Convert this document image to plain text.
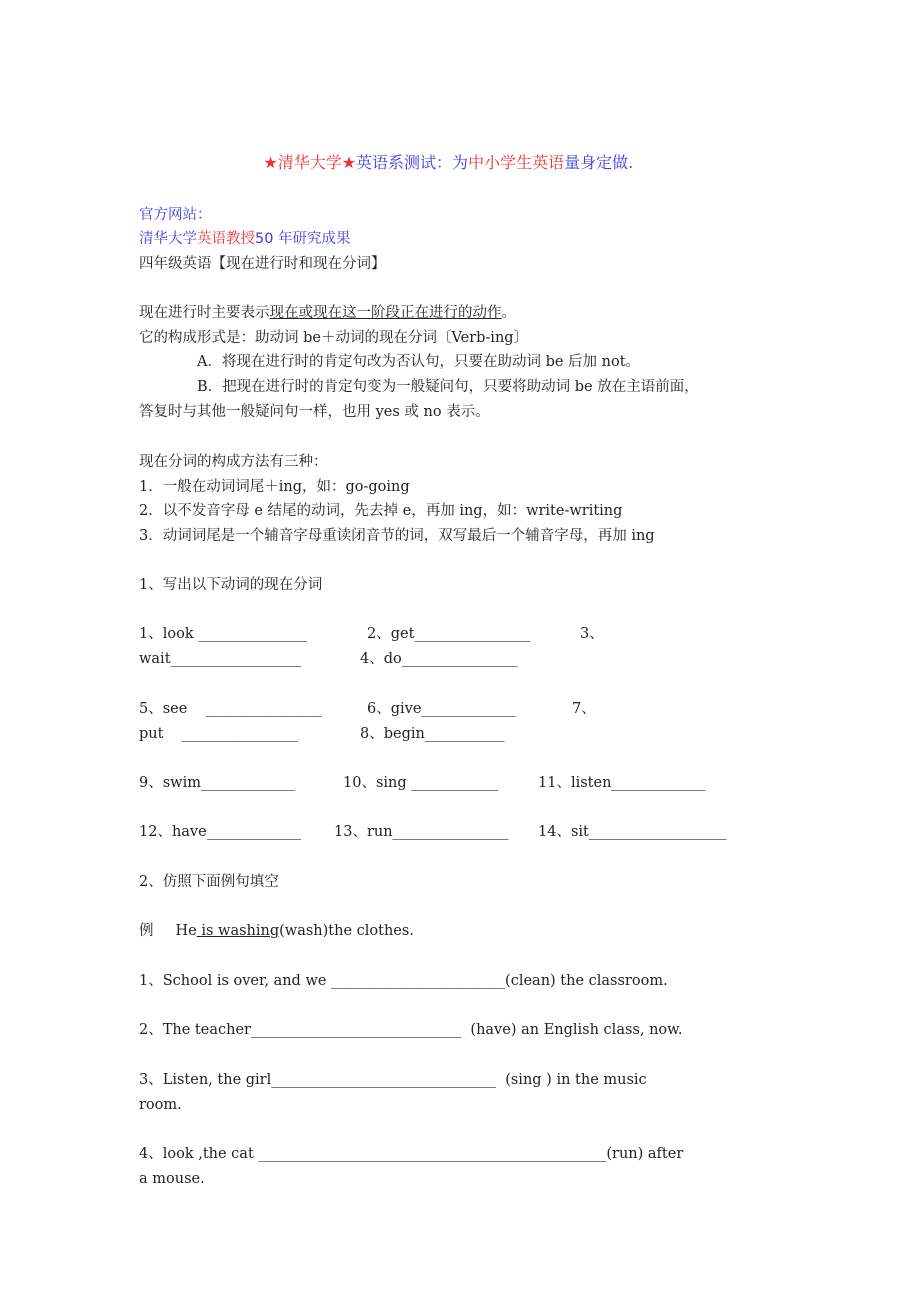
★清华大学★英语系测试：为中小学生英语量身定做.

官方网站：
清华大学英语教授50 年研究成果
四年级英语【现在进行时和现在分词】
现在进行时主要表示现在或现在这一阶段正在进行的动作。
它的构成形式是：助动词 be＋动词的现在分词〔Verb-ing〕
A．将现在进行时的肯定句改为否认句，只要在助动词 be 后加 not。
B．把现在进行时的肯定句变为一般疑问句，只要将助动词 be 放在主语前面，
答复时与其他一般疑问句一样，也用 yes 或 no 表示。
现在分词的构成方法有三种：
1．一般在动词词尾＋ing，如：go-going
2．以不发音字母 e 结尾的动词，先去掉 e，再加 ing，如：write-writing
3．动词词尾是一个辅音字母重读闭音节的词，双写最后一个辅音字母，再加 ing
1、写出以下动词的现在分词
1、look _______________	2、get________________	3、
wait__________________	4、do________________
5、see    ________________	6、give_____________	7、
put    ________________	8、begin___________
9、swim_____________	10、sing ____________	11、listen_____________
12、have_____________ 13、run________________ 14、sit___________________
2、仿照下面例句填空
例 He is washing(wash)the clothes.
1、School is over, and we ________________________(clean) the classroom.
2、The teacher_____________________________  (have) an English class, now.
3、Listen, the girl_______________________________  (sing ) in the music
room.
4、look ,the cat ________________________________________________(run) after
a mouse.
